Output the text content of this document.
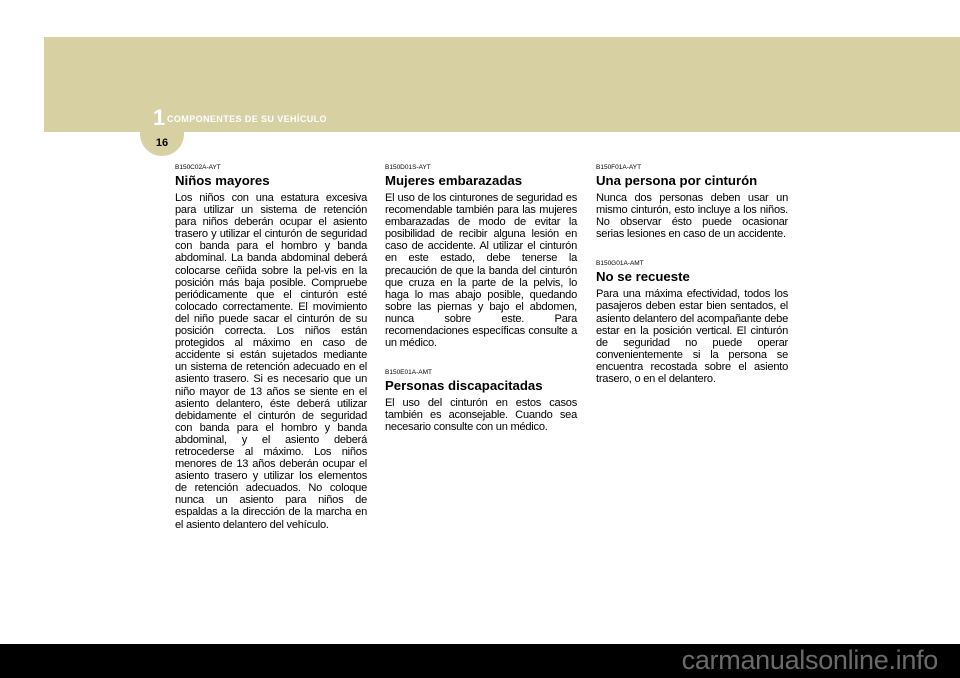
1 COMPONENTES DE SU VEHÍCULO
16
B150C02A-AYT
Niños mayores
Los niños con una estatura excesiva para utilizar un sistema de retención para niños deberán ocupar el asiento trasero y utilizar el cinturón de seguridad con banda para el hombro y banda abdominal. La banda abdominal deberá colocarse ceñida sobre la pel-vis en la posición más baja posible. Compruebe periódicamente que el cinturón esté colocado correctamente. El movimiento del niño puede sacar el cinturón de su posición correcta. Los niños están protegidos al máximo en caso de accidente si están sujetados mediante un sistema de retención adecuado en el asiento trasero. Si es necesario que un niño mayor de 13 años se siente en el asiento delantero, éste deberá utilizar debidamente el cinturón de seguridad con banda para el hombro y banda abdominal, y el asiento deberá retrocederse al máximo. Los niños menores de 13 años deberán ocupar el asiento trasero y utilizar los elementos de retención adecuados. No coloque nunca un asiento para niños de espaldas a la dirección de la marcha en el asiento delantero del vehículo.
B150D01S-AYT
Mujeres embarazadas
El uso de los cinturones de seguridad es recomendable también para las mujeres embarazadas de modo de evitar la posibilidad de recibir alguna lesión en caso de accidente. Al utilizar el cinturón en este estado, debe tenerse la precaución de que la banda del cinturón que cruza en la parte de la pelvis, lo haga lo mas abajo posible, quedando sobre las piernas y bajo el abdomen, nunca sobre este. Para recomendaciones específicas consulte a un médico.
B150E01A-AMT
Personas discapacitadas
El uso del cinturón en estos casos también es aconsejable. Cuando sea necesario consulte con un médico.
B150F01A-AYT
Una persona por cinturón
Nunca dos personas deben usar un mismo cinturón, esto incluye a los niños. No observar ésto puede ocasionar serias lesiones en caso de un accidente.
B150G01A-AMT
No se recueste
Para una máxima efectividad, todos los pasajeros deben estar bien sentados, el asiento delantero del acompañante debe estar en la posición vertical. El cinturón de seguridad no puede operar convenientemente si la persona se encuentra recostada sobre el asiento trasero, o en el delantero.
carmanualsonline.info
